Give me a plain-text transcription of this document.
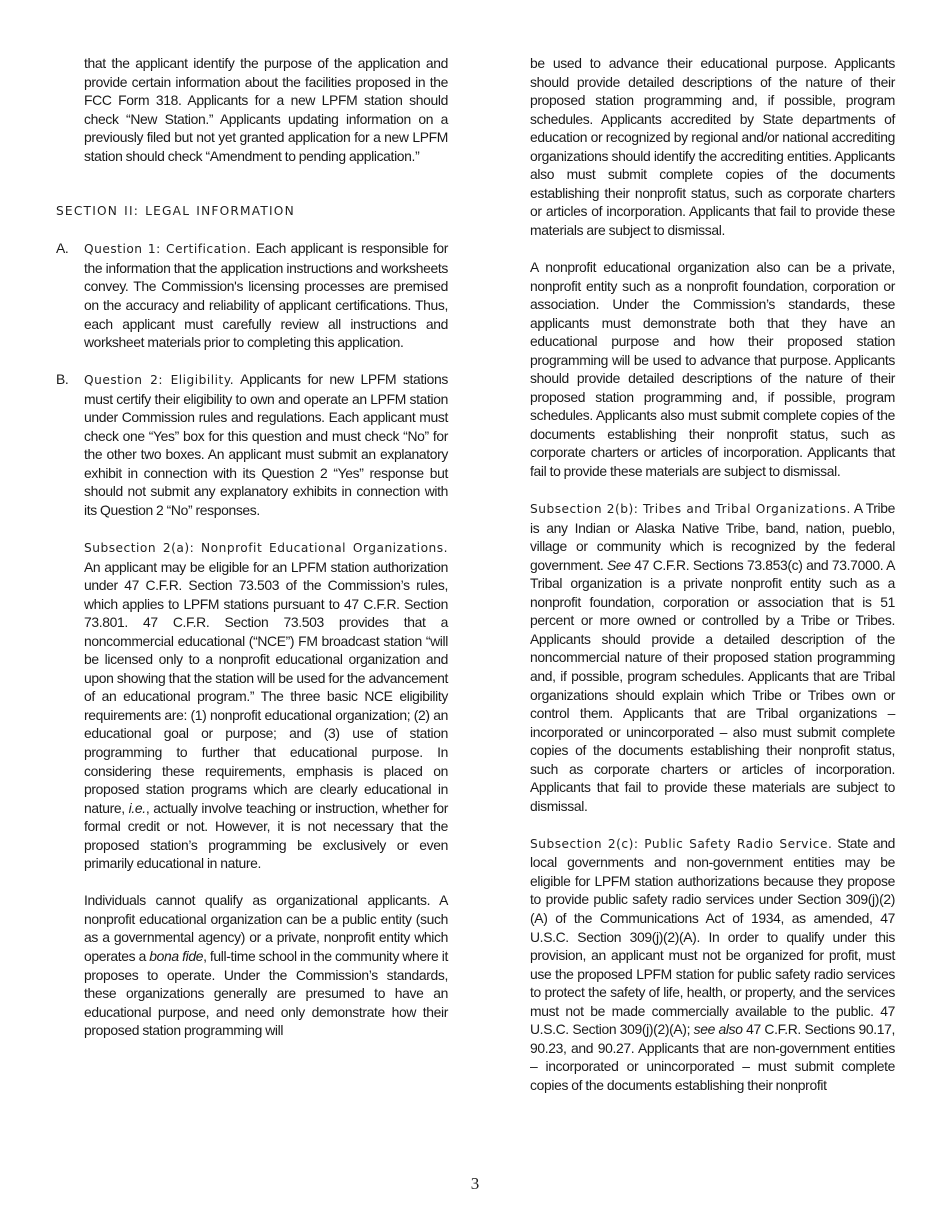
that the applicant identify the purpose of the application and provide certain information about the facilities proposed in the FCC Form 318. Applicants for a new LPFM station should check “New Station.” Applicants updating information on a previously filed but not yet granted application for a new LPFM station should check “Amendment to pending application.”

SECTION II: LEGAL INFORMATION

A. Question 1: Certification. Each applicant is responsible for the information that the application instructions and worksheets convey. The Commission's licensing processes are premised on the accuracy and reliability of applicant certifications. Thus, each applicant must carefully review all instructions and worksheet materials prior to completing this application.

B. Question 2: Eligibility. Applicants for new LPFM stations must certify their eligibility to own and operate an LPFM station under Commission rules and regulations. Each applicant must check one “Yes” box for this question and must check “No” for the other two boxes. An applicant must submit an explanatory exhibit in connection with its Question 2 “Yes” response but should not submit any explanatory exhibits in connection with its Question 2 “No” responses.

Subsection 2(a): Nonprofit Educational Organizations. An applicant may be eligible for an LPFM station authorization under 47 C.F.R. Section 73.503 of the Commission’s rules, which applies to LPFM stations pursuant to 47 C.F.R. Section 73.801. 47 C.F.R. Section 73.503 provides that a noncommercial educational (“NCE”) FM broadcast station “will be licensed only to a nonprofit educational organization and upon showing that the station will be used for the advancement of an educational program.” The three basic NCE eligibility requirements are: (1) nonprofit educational organization; (2) an educational goal or purpose; and (3) use of station programming to further that educational purpose. In considering these requirements, emphasis is placed on proposed station programs which are clearly educational in nature, i.e., actually involve teaching or instruction, whether for formal credit or not. However, it is not necessary that the proposed station’s programming be exclusively or even primarily educational in nature.

Individuals cannot qualify as organizational applicants. A nonprofit educational organization can be a public entity (such as a governmental agency) or a private, nonprofit entity which operates a bona fide, full-time school in the community where it proposes to operate. Under the Commission’s standards, these organizations generally are presumed to have an educational purpose, and need only demonstrate how their proposed station programming will

be used to advance their educational purpose. Applicants should provide detailed descriptions of the nature of their proposed station programming and, if possible, program schedules. Applicants accredited by State departments of education or recognized by regional and/or national accrediting organizations should identify the accrediting entities. Applicants also must submit complete copies of the documents establishing their nonprofit status, such as corporate charters or articles of incorporation. Applicants that fail to provide these materials are subject to dismissal.

A nonprofit educational organization also can be a private, nonprofit entity such as a nonprofit foundation, corporation or association. Under the Commission’s standards, these applicants must demonstrate both that they have an educational purpose and how their proposed station programming will be used to advance that purpose. Applicants should provide detailed descriptions of the nature of their proposed station programming and, if possible, program schedules. Applicants also must submit complete copies of the documents establishing their nonprofit status, such as corporate charters or articles of incorporation. Applicants that fail to provide these materials are subject to dismissal.

Subsection 2(b): Tribes and Tribal Organizations. A Tribe is any Indian or Alaska Native Tribe, band, nation, pueblo, village or community which is recognized by the federal government. See 47 C.F.R. Sections 73.853(c) and 73.7000. A Tribal organization is a private nonprofit entity such as a nonprofit foundation, corporation or association that is 51 percent or more owned or controlled by a Tribe or Tribes. Applicants should provide a detailed description of the noncommercial nature of their proposed station programming and, if possible, program schedules. Applicants that are Tribal organizations should explain which Tribe or Tribes own or control them. Applicants that are Tribal organizations – incorporated or unincorporated – also must submit complete copies of the documents establishing their nonprofit status, such as corporate charters or articles of incorporation. Applicants that fail to provide these materials are subject to dismissal.

Subsection 2(c): Public Safety Radio Service. State and local governments and non-government entities may be eligible for LPFM station authorizations because they propose to provide public safety radio services under Section 309(j)(2)(A) of the Communications Act of 1934, as amended, 47 U.S.C. Section 309(j)(2)(A). In order to qualify under this provision, an applicant must not be organized for profit, must use the proposed LPFM station for public safety radio services to protect the safety of life, health, or property, and the services must not be made commercially available to the public. 47 U.S.C. Section 309(j)(2)(A); see also 47 C.F.R. Sections 90.17, 90.23, and 90.27. Applicants that are non-government entities – incorporated or unincorporated – must submit complete copies of the documents establishing their nonprofit

3
